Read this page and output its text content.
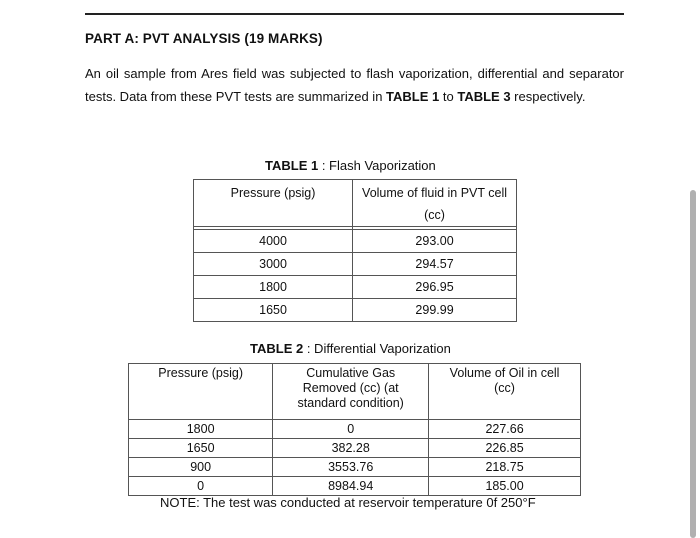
PART A: PVT ANALYSIS (19 MARKS)
An oil sample from Ares field was subjected to flash vaporization, differential and separator tests. Data from these PVT tests are summarized in TABLE 1 to TABLE 3 respectively.
TABLE 1 : Flash Vaporization
Pressure (psig)	Volume of fluid in PVT cell (cc)

4000	293.00
3000	294.57
1800	296.95
1650	299.99
TABLE 2 : Differential Vaporization
Pressure (psig)	Cumulative Gas Removed (cc) (at standard condition)	Volume of Oil in cell (cc)

1800	0	227.66
1650	382.28	226.85
900	3553.76	218.75
0	8984.94	185.00
NOTE: The test was conducted at reservoir temperature 0f 250°F
